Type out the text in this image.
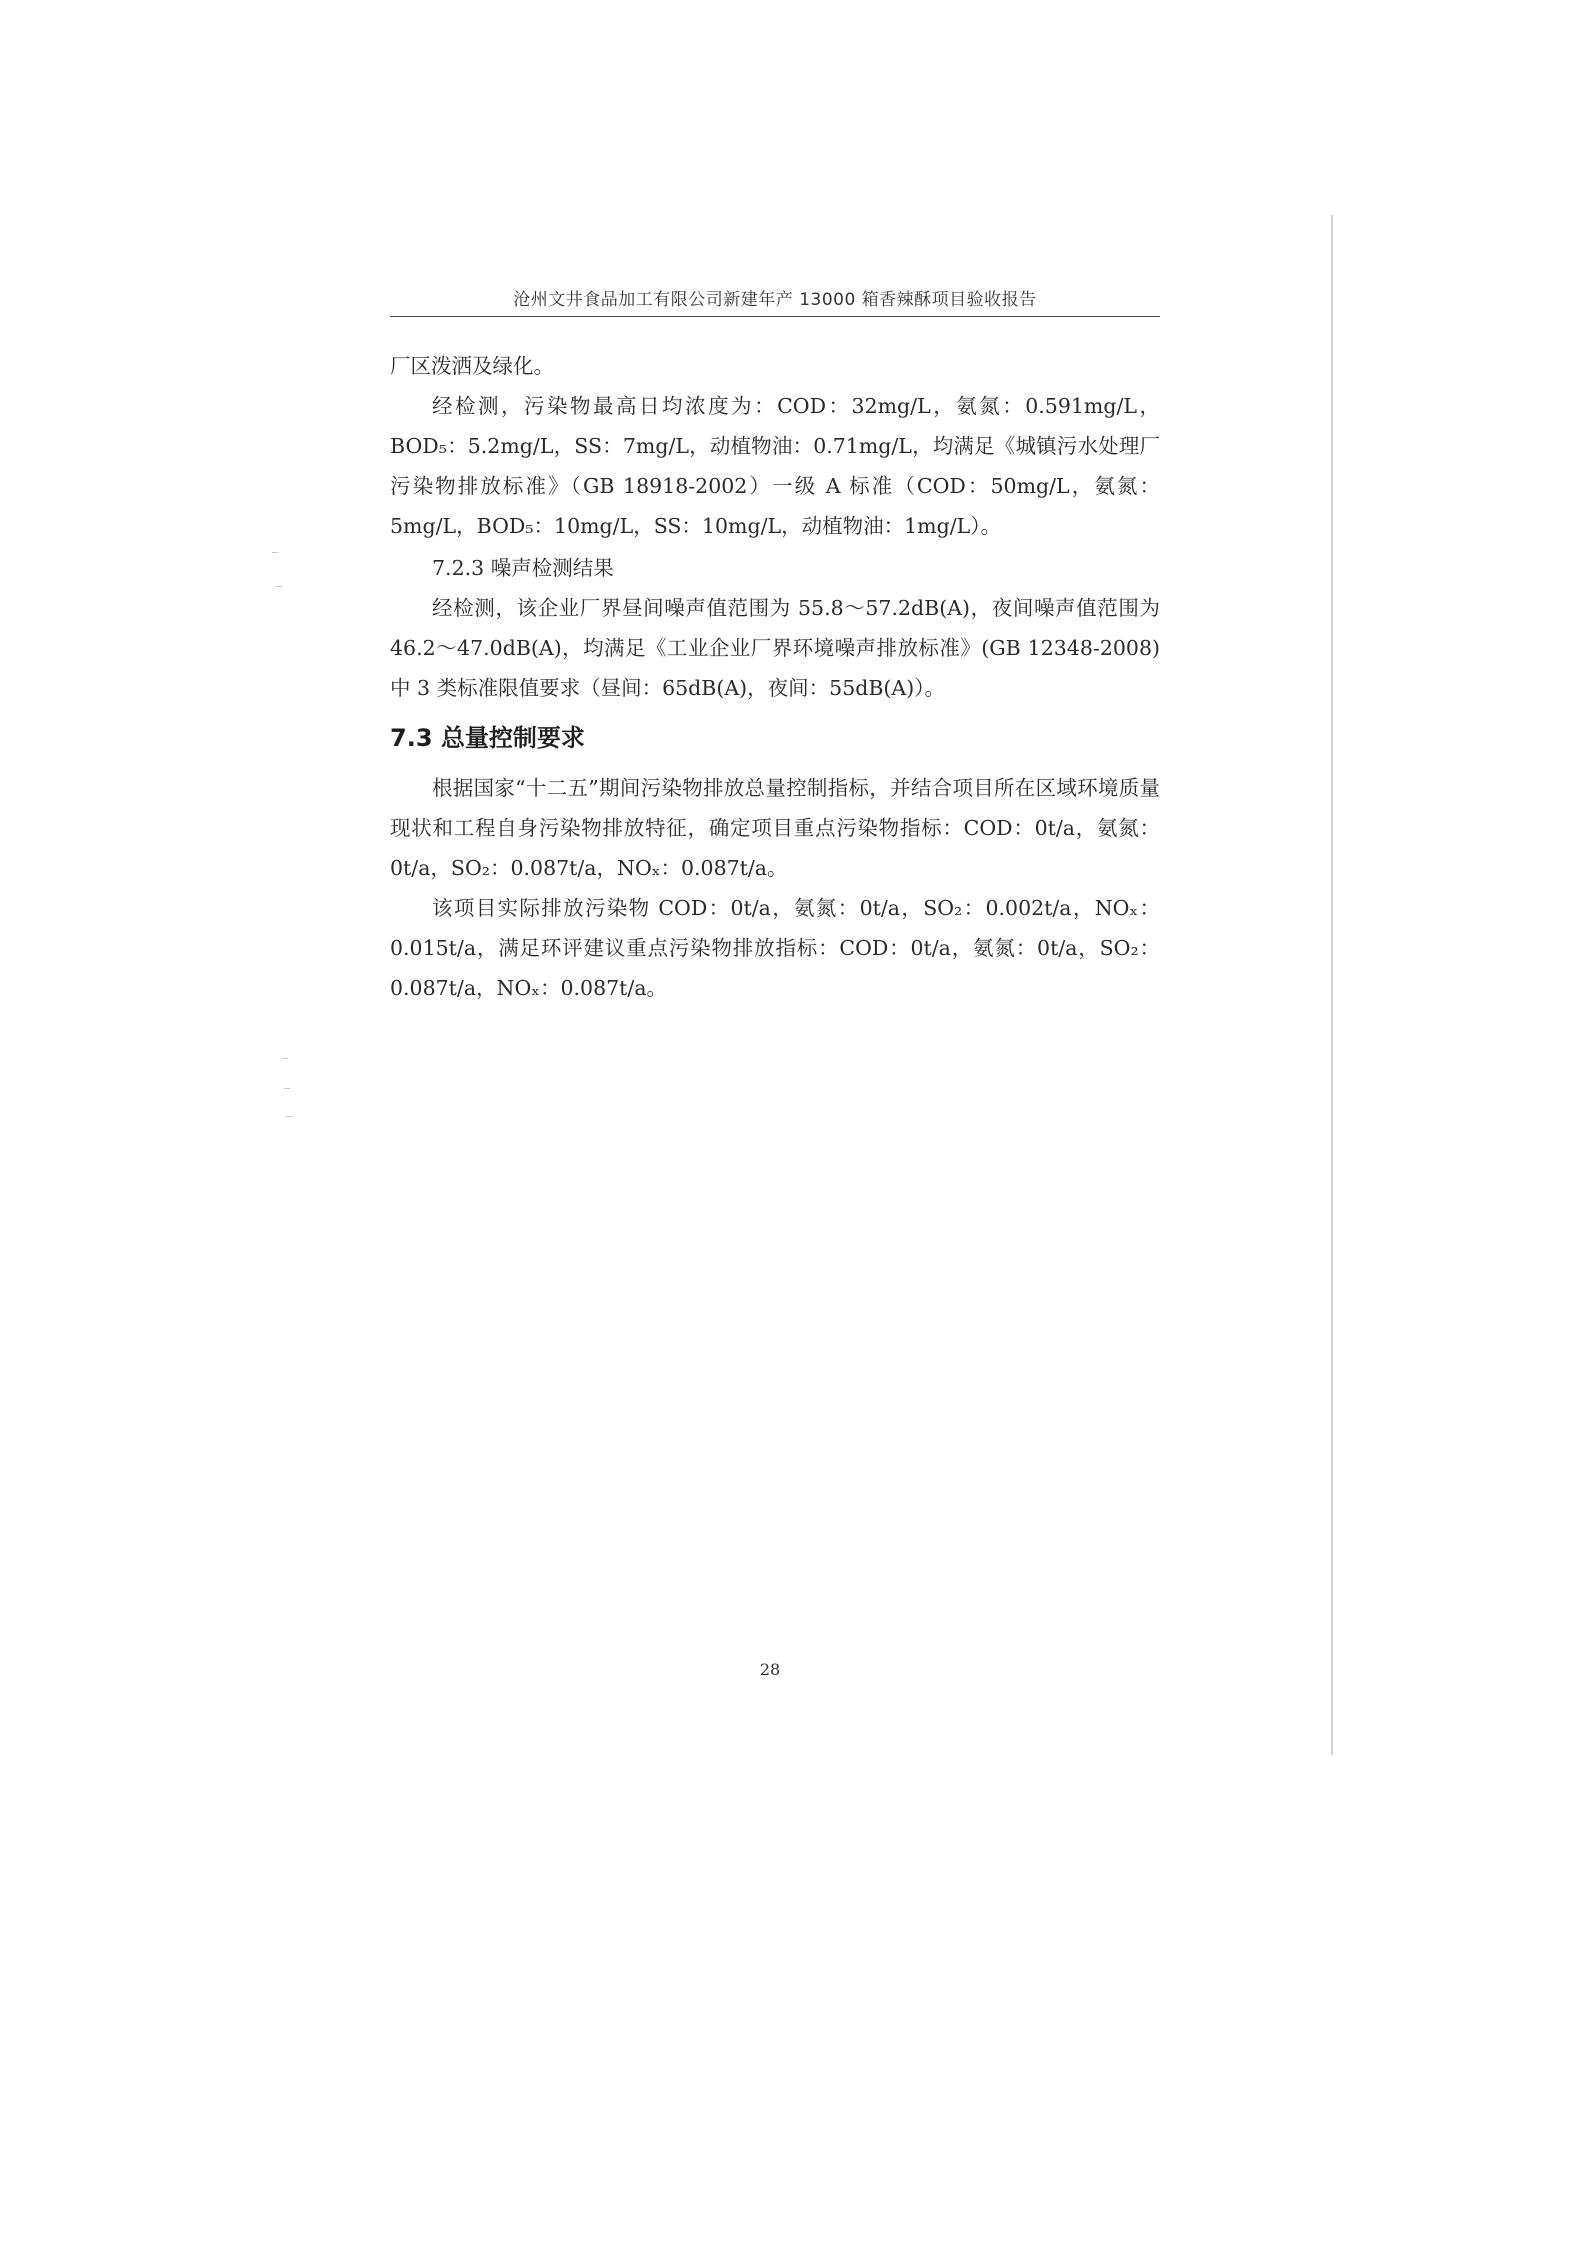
沧州文井食品加工有限公司新建年产 13000 箱香辣酥项目验收报告

厂区泼洒及绿化。

经检测，污染物最高日均浓度为：COD：32mg/L，氨氮：0.591mg/L，BOD₅：5.2mg/L，SS：7mg/L，动植物油：0.71mg/L，均满足《城镇污水处理厂污染物排放标准》（GB 18918-2002）一级 A 标准（COD：50mg/L，氨氮：5mg/L，BOD₅：10mg/L，SS：10mg/L，动植物油：1mg/L）。

7.2.3 噪声检测结果

经检测，该企业厂界昼间噪声值范围为 55.8～57.2dB(A)，夜间噪声值范围为 46.2～47.0dB(A)，均满足《工业企业厂界环境噪声排放标准》(GB 12348-2008) 中 3 类标准限值要求（昼间：65dB(A)，夜间：55dB(A)）。

7.3 总量控制要求

根据国家“十二五”期间污染物排放总量控制指标，并结合项目所在区域环境质量现状和工程自身污染物排放特征，确定项目重点污染物指标：COD：0t/a，氨氮：0t/a，SO₂：0.087t/a，NOₓ：0.087t/a。

该项目实际排放污染物 COD：0t/a，氨氮：0t/a，SO₂：0.002t/a，NOₓ：0.015t/a，满足环评建议重点污染物排放指标：COD：0t/a，氨氮：0t/a，SO₂：0.087t/a，NOₓ：0.087t/a。

28
